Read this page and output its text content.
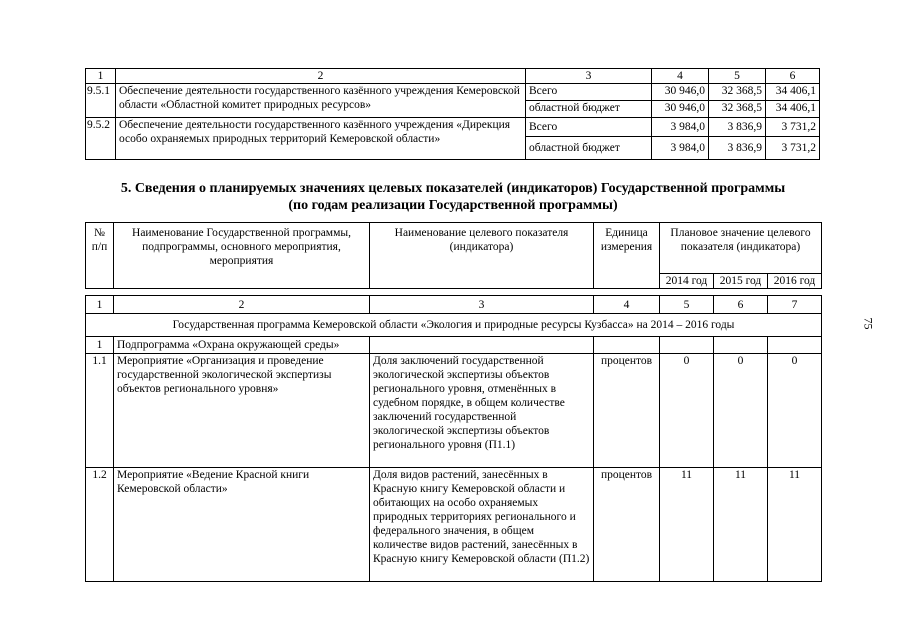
1	2	3	4	5	6
9.5.1	Обеспечение деятельности государственного казённого учреждения Кемеровской области «Областной комитет природных ресурсов»	Всего	30 946,0	32 368,5	34 406,1
		областной бюджет	30 946,0	32 368,5	34 406,1
9.5.2	Обеспечение деятельности государственного казённого учреждения «Дирекция особо охраняемых природных территорий Кемеровской области»	Всего	3 984,0	3 836,9	3 731,2
		областной бюджет	3 984,0	3 836,9	3 731,2
5. Сведения о планируемых значениях целевых показателей (индикаторов) Государственной программы
(по годам реализации Государственной программы)
№ п/п	Наименование Государственной программы, подпрограммы, основного мероприятия, мероприятия	Наименование целевого показателя (индикатора)	Единица измерения	Плановое значение целевого показателя (индикатора)		
				2014 год	2015 год	2016 год

1	2	3	4	5	6	7
Государственная программа Кемеровской области «Экология и природные ресурсы Кузбасса» на 2014 – 2016 годы						
1	Подпрограмма «Охрана окружающей среды»					
1.1	Мероприятие «Организация и проведение государственной экологической экспертизы объектов регионального уровня»	Доля заключений государственной экологической экспертизы объектов регионального уровня, отменённых в судебном порядке, в общем количестве заключений государственной экологической экспертизы объектов регионального уровня (П1.1)	процентов	0	0	0
1.2	Мероприятие «Ведение Красной книги Кемеровской области»	Доля видов растений, занесённых в Красную книгу Кемеровской области и обитающих на особо охраняемых природных территориях регионального и федерального значения, в общем количестве видов растений, занесённых в Красную книгу Кемеровской области (П1.2)	процентов	11	11	11
75
